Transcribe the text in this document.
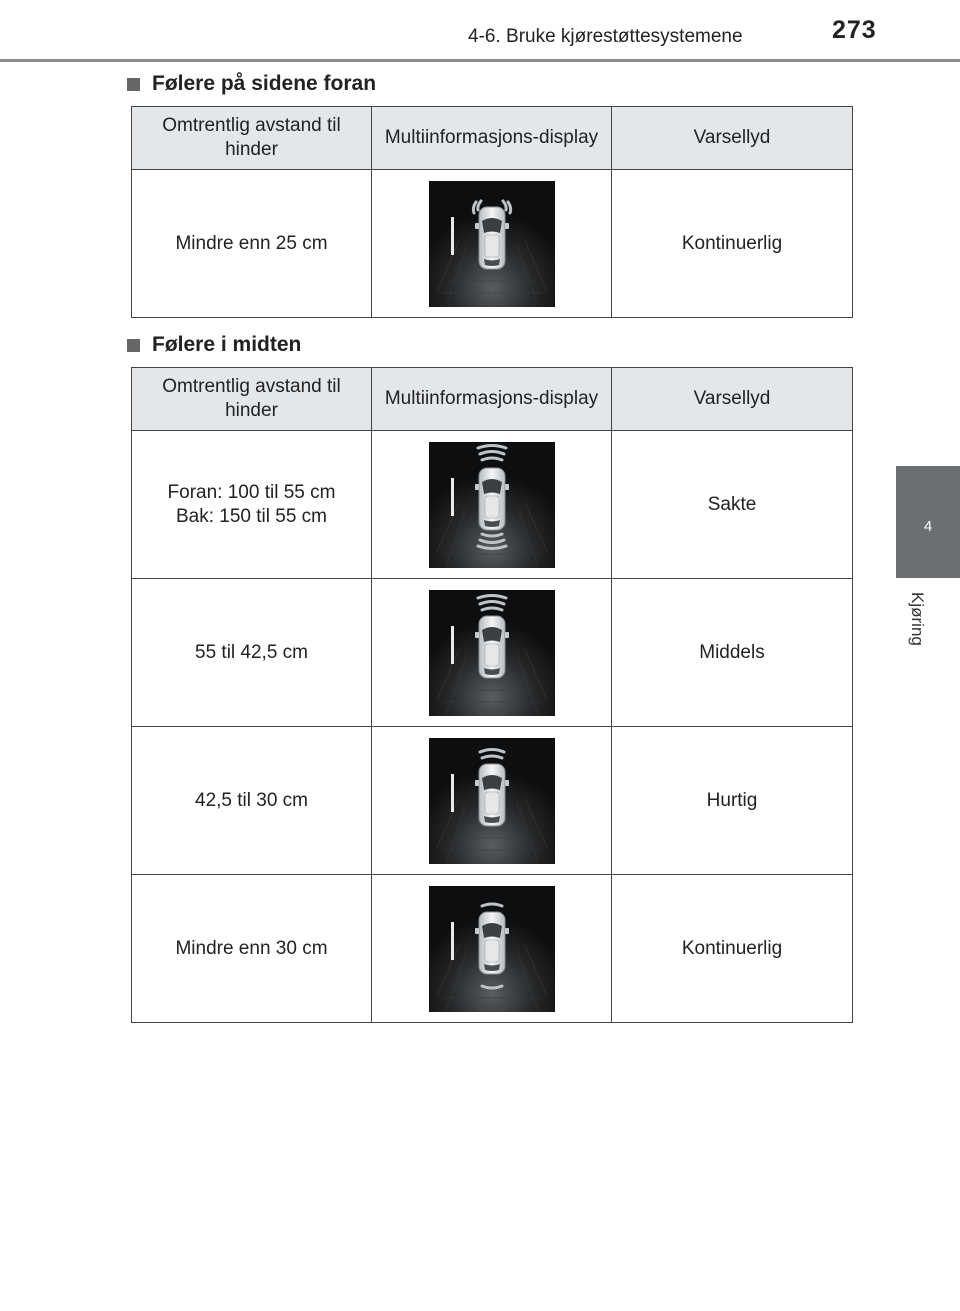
4-6. Bruke kjørestøttesystemene	273
4
Kjøring
Følere på sidene foran
Omtrentlig avstand til hinder	Multiinformasjons-display	Varsellyd
Mindre enn 25 cm		Kontinuerlig
Følere i midten
Omtrentlig avstand til hinder	Multiinformasjons-display	Varsellyd

Foran: 100 til 55 cm
Bak: 150 til 55 cm		Sakte
55 til 42,5 cm		Middels
42,5 til 30 cm		Hurtig
Mindre enn 30 cm		Kontinuerlig
